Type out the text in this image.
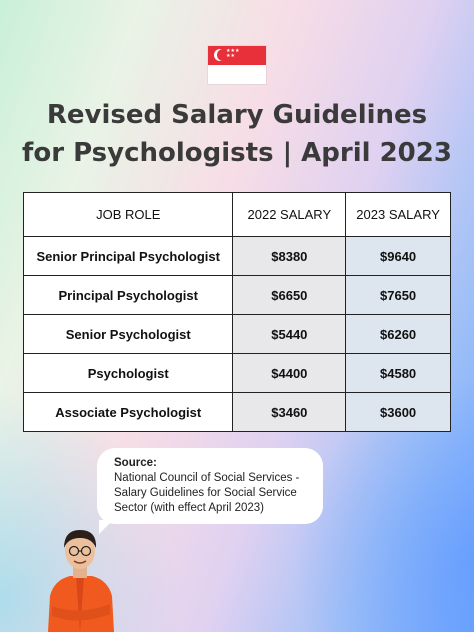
★★★
★★
Revised Salary Guidelines
for Psychologists | April 2023
JOB ROLE	2022 SALARY	2023 SALARY
Senior Principal Psychologist	$8380	$9640
Principal Psychologist	$6650	$7650
Senior Psychologist	$5440	$6260
Psychologist	$4400	$4580
Associate Psychologist	$3460	$3600
Source:
National Council of Social Services - Salary Guidelines for Social Service Sector (with effect April 2023)
